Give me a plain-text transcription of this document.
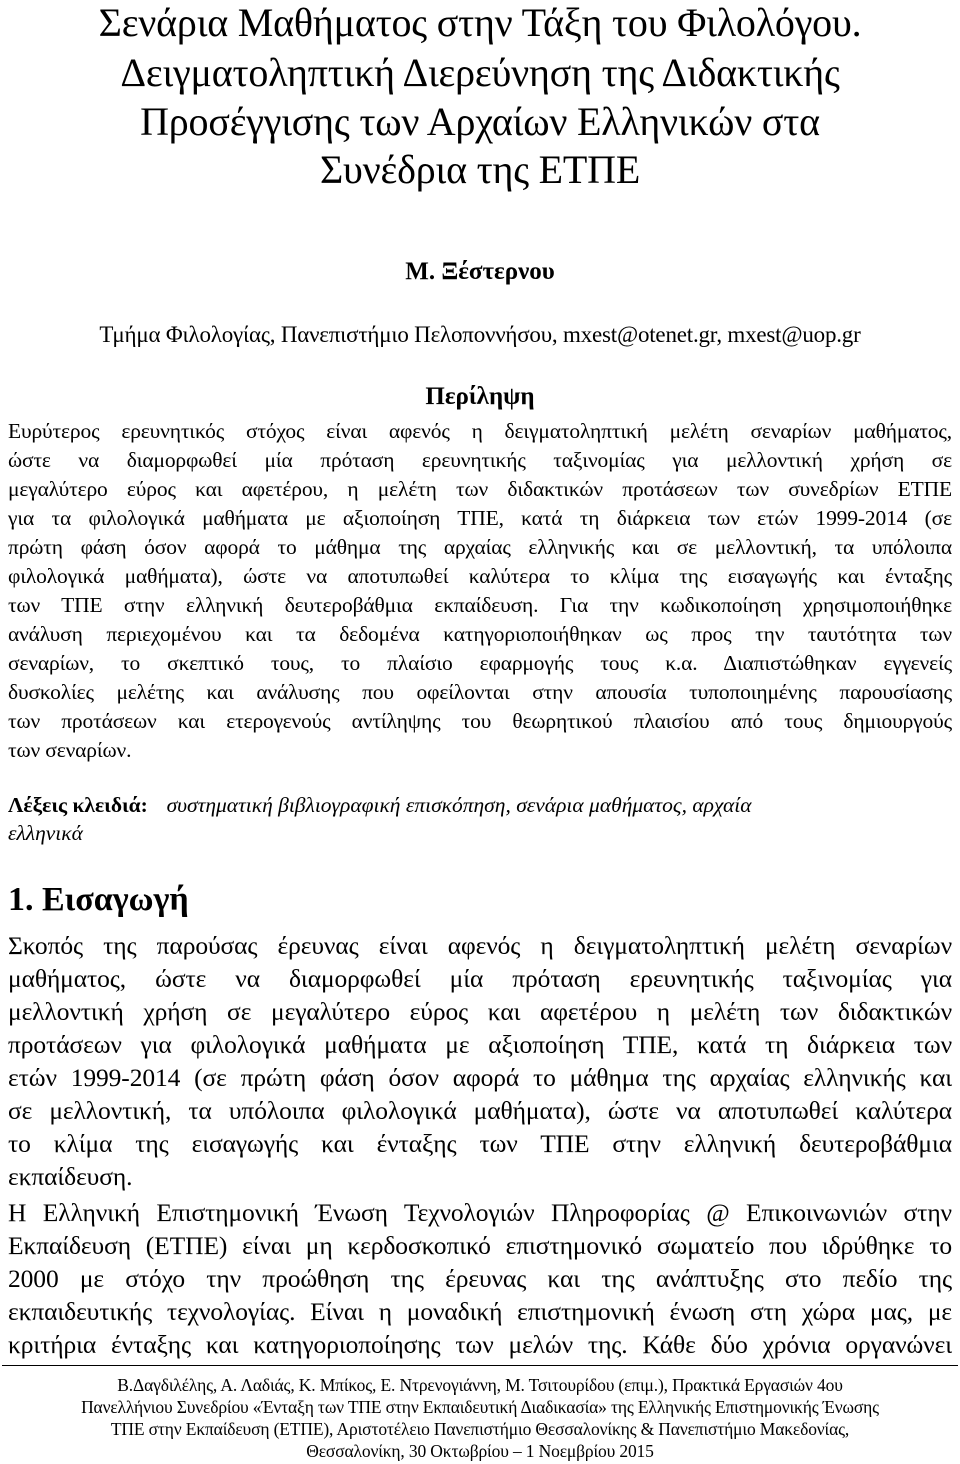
Σενάρια Μαθήματος στην Τάξη του Φιλολόγου.
Δειγματοληπτική Διερεύνηση της Διδακτικής
Προσέγγισης των Αρχαίων Ελληνικών στα
Συνέδρια της ΕΤΠΕ
Μ. Ξέστερνου
Τμήμα Φιλολογίας, Πανεπιστήμιο Πελοποννήσου, mxest@otenet.gr, mxest@uop.gr
Περίληψη
Ευρύτερος ερευνητικός στόχος είναι αφενός η δειγματοληπτική μελέτη σεναρίων μαθήματος,
ώστε να διαμορφωθεί μία πρόταση ερευνητικής ταξινομίας για μελλοντική χρήση σε
μεγαλύτερο εύρος και αφετέρου, η μελέτη των διδακτικών προτάσεων των συνεδρίων ΕΤΠΕ
για τα φιλολογικά μαθήματα με αξιοποίηση ΤΠΕ, κατά τη διάρκεια των ετών 1999-2014 (σε
πρώτη φάση όσον αφορά το μάθημα της αρχαίας ελληνικής και σε μελλοντική, τα υπόλοιπα
φιλολογικά μαθήματα), ώστε να αποτυπωθεί καλύτερα το κλίμα της εισαγωγής και ένταξης
των ΤΠΕ στην ελληνική δευτεροβάθμια εκπαίδευση. Για την κωδικοποίηση χρησιμοποιήθηκε
ανάλυση περιεχομένου και τα δεδομένα κατηγοριοποιήθηκαν ως προς την ταυτότητα των
σεναρίων, το σκεπτικό τους, το πλαίσιο εφαρμογής τους κ.α. Διαπιστώθηκαν εγγενείς
δυσκολίες μελέτης και ανάλυσης που οφείλονται στην απουσία τυποποιημένης παρουσίασης
των προτάσεων και ετερογενούς αντίληψης του θεωρητικού πλαισίου από τους δημιουργούς
των σεναρίων.
Λέξεις κλειδιά: συστηματική βιβλιογραφική επισκόπηση, σενάρια μαθήματος, αρχαία
ελληνικά
1. Εισαγωγή
Σκοπός της παρούσας έρευνας είναι αφενός η δειγματοληπτική μελέτη σεναρίων
μαθήματος, ώστε να διαμορφωθεί μία πρόταση ερευνητικής ταξινομίας για
μελλοντική χρήση σε μεγαλύτερο εύρος και αφετέρου η μελέτη των διδακτικών
προτάσεων για φιλολογικά μαθήματα με αξιοποίηση ΤΠΕ, κατά τη διάρκεια των
ετών 1999-2014 (σε πρώτη φάση όσον αφορά το μάθημα της αρχαίας ελληνικής και
σε μελλοντική, τα υπόλοιπα φιλολογικά μαθήματα), ώστε να αποτυπωθεί καλύτερα
το κλίμα της εισαγωγής και ένταξης των ΤΠΕ στην ελληνική δευτεροβάθμια
εκπαίδευση.
Η Ελληνική Επιστημονική Ένωση Τεχνολογιών Πληροφορίας @ Επικοινωνιών στην
Εκπαίδευση (ΕΤΠΕ) είναι μη κερδοσκοπικό επιστημονικό σωματείο που ιδρύθηκε το
2000 με στόχο την προώθηση της έρευνας και της ανάπτυξης στο πεδίο της
εκπαιδευτικής τεχνολογίας. Είναι η μοναδική επιστημονική ένωση στη χώρα μας, με
κριτήρια ένταξης και κατηγοριοποίησης των μελών της. Κάθε δύο χρόνια οργανώνει
Β.Δαγδιλέλης, Α. Λαδιάς, Κ. Μπίκος, Ε. Ντρενογιάννη, Μ. Τσιτουρίδου (επιμ.), Πρακτικά Εργασιών 4ου
Πανελλήνιου Συνεδρίου «Ένταξη των ΤΠΕ στην Εκπαιδευτική Διαδικασία» της Ελληνικής Επιστημονικής Ένωσης
ΤΠΕ στην Εκπαίδευση (ΕΤΠΕ), Αριστοτέλειο Πανεπιστήμιο Θεσσαλονίκης & Πανεπιστήμιο Μακεδονίας,
Θεσσαλονίκη, 30 Οκτωβρίου – 1 Νοεμβρίου 2015
